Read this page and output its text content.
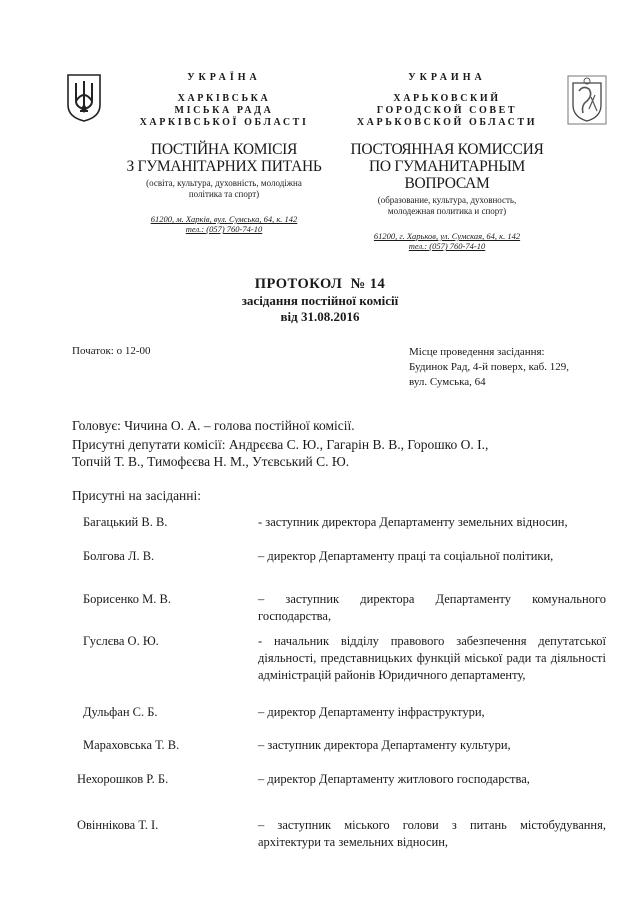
УКРАЇНА
ХАРКІВСЬКА
МІСЬКА РАДА
ХАРКІВСЬКОЇ ОБЛАСТІ
ПОСТІЙНА КОМІСІЯ
З ГУМАНІТАРНИХ ПИТАНЬ
(освіта, культура, духовність, молодіжна
політика та спорт)
61200, м. Харків, вул. Сумська, 64, к. 142
тел.: (057) 760-74-10
УКРАИНА
ХАРЬКОВСКИЙ
ГОРОДСКОЙ СОВЕТ
ХАРЬКОВСКОЙ ОБЛАСТИ
ПОСТОЯННАЯ КОМИССИЯ
ПО ГУМАНИТАРНЫМ ВОПРОСАМ
(образование, культура, духовность,
молодежная политика и спорт)
61200, г. Харьков, ул. Сумская, 64, к. 142
тел.: (057) 760-74-10
ПРОТОКОЛ  № 14
засідання постійної комісії
від 31.08.2016
Початок: о 12-00	Місце проведення засідання:
Будинок Рад, 4-й поверх, каб. 129,
вул. Сумська, 64
Головує: Чичина О. А. – голова постійної комісії.
Присутні депутати комісії: Андрєєва С. Ю., Гагарін В. В., Горошко О. І.,
Топчій Т. В., Тимофєєва Н. М., Утєвський С. Ю.
Присутні на засіданні:
Багацький В. В.	- заступник директора Департаменту земельних відносин,
Болгова Л. В.	– директор Департаменту праці та соціальної політики,
Борисенко М. В.	– заступник директора Департаменту комунального господарства,
Гуслєва О. Ю.	- начальник відділу правового забезпечення депутатської діяльності, представницьких функцій міської ради та діяльності адміністрацій районів Юридичного департаменту,
Дульфан С. Б.	– директор Департаменту інфраструктури,
Мараховська Т. В.	– заступник директора Департаменту культури,
Нехорошков Р. Б.	– директор Департаменту житлового господарства,
Овіннікова Т. І.	– заступник міського голови з питань містобудування, архітектури та земельних відносин,
